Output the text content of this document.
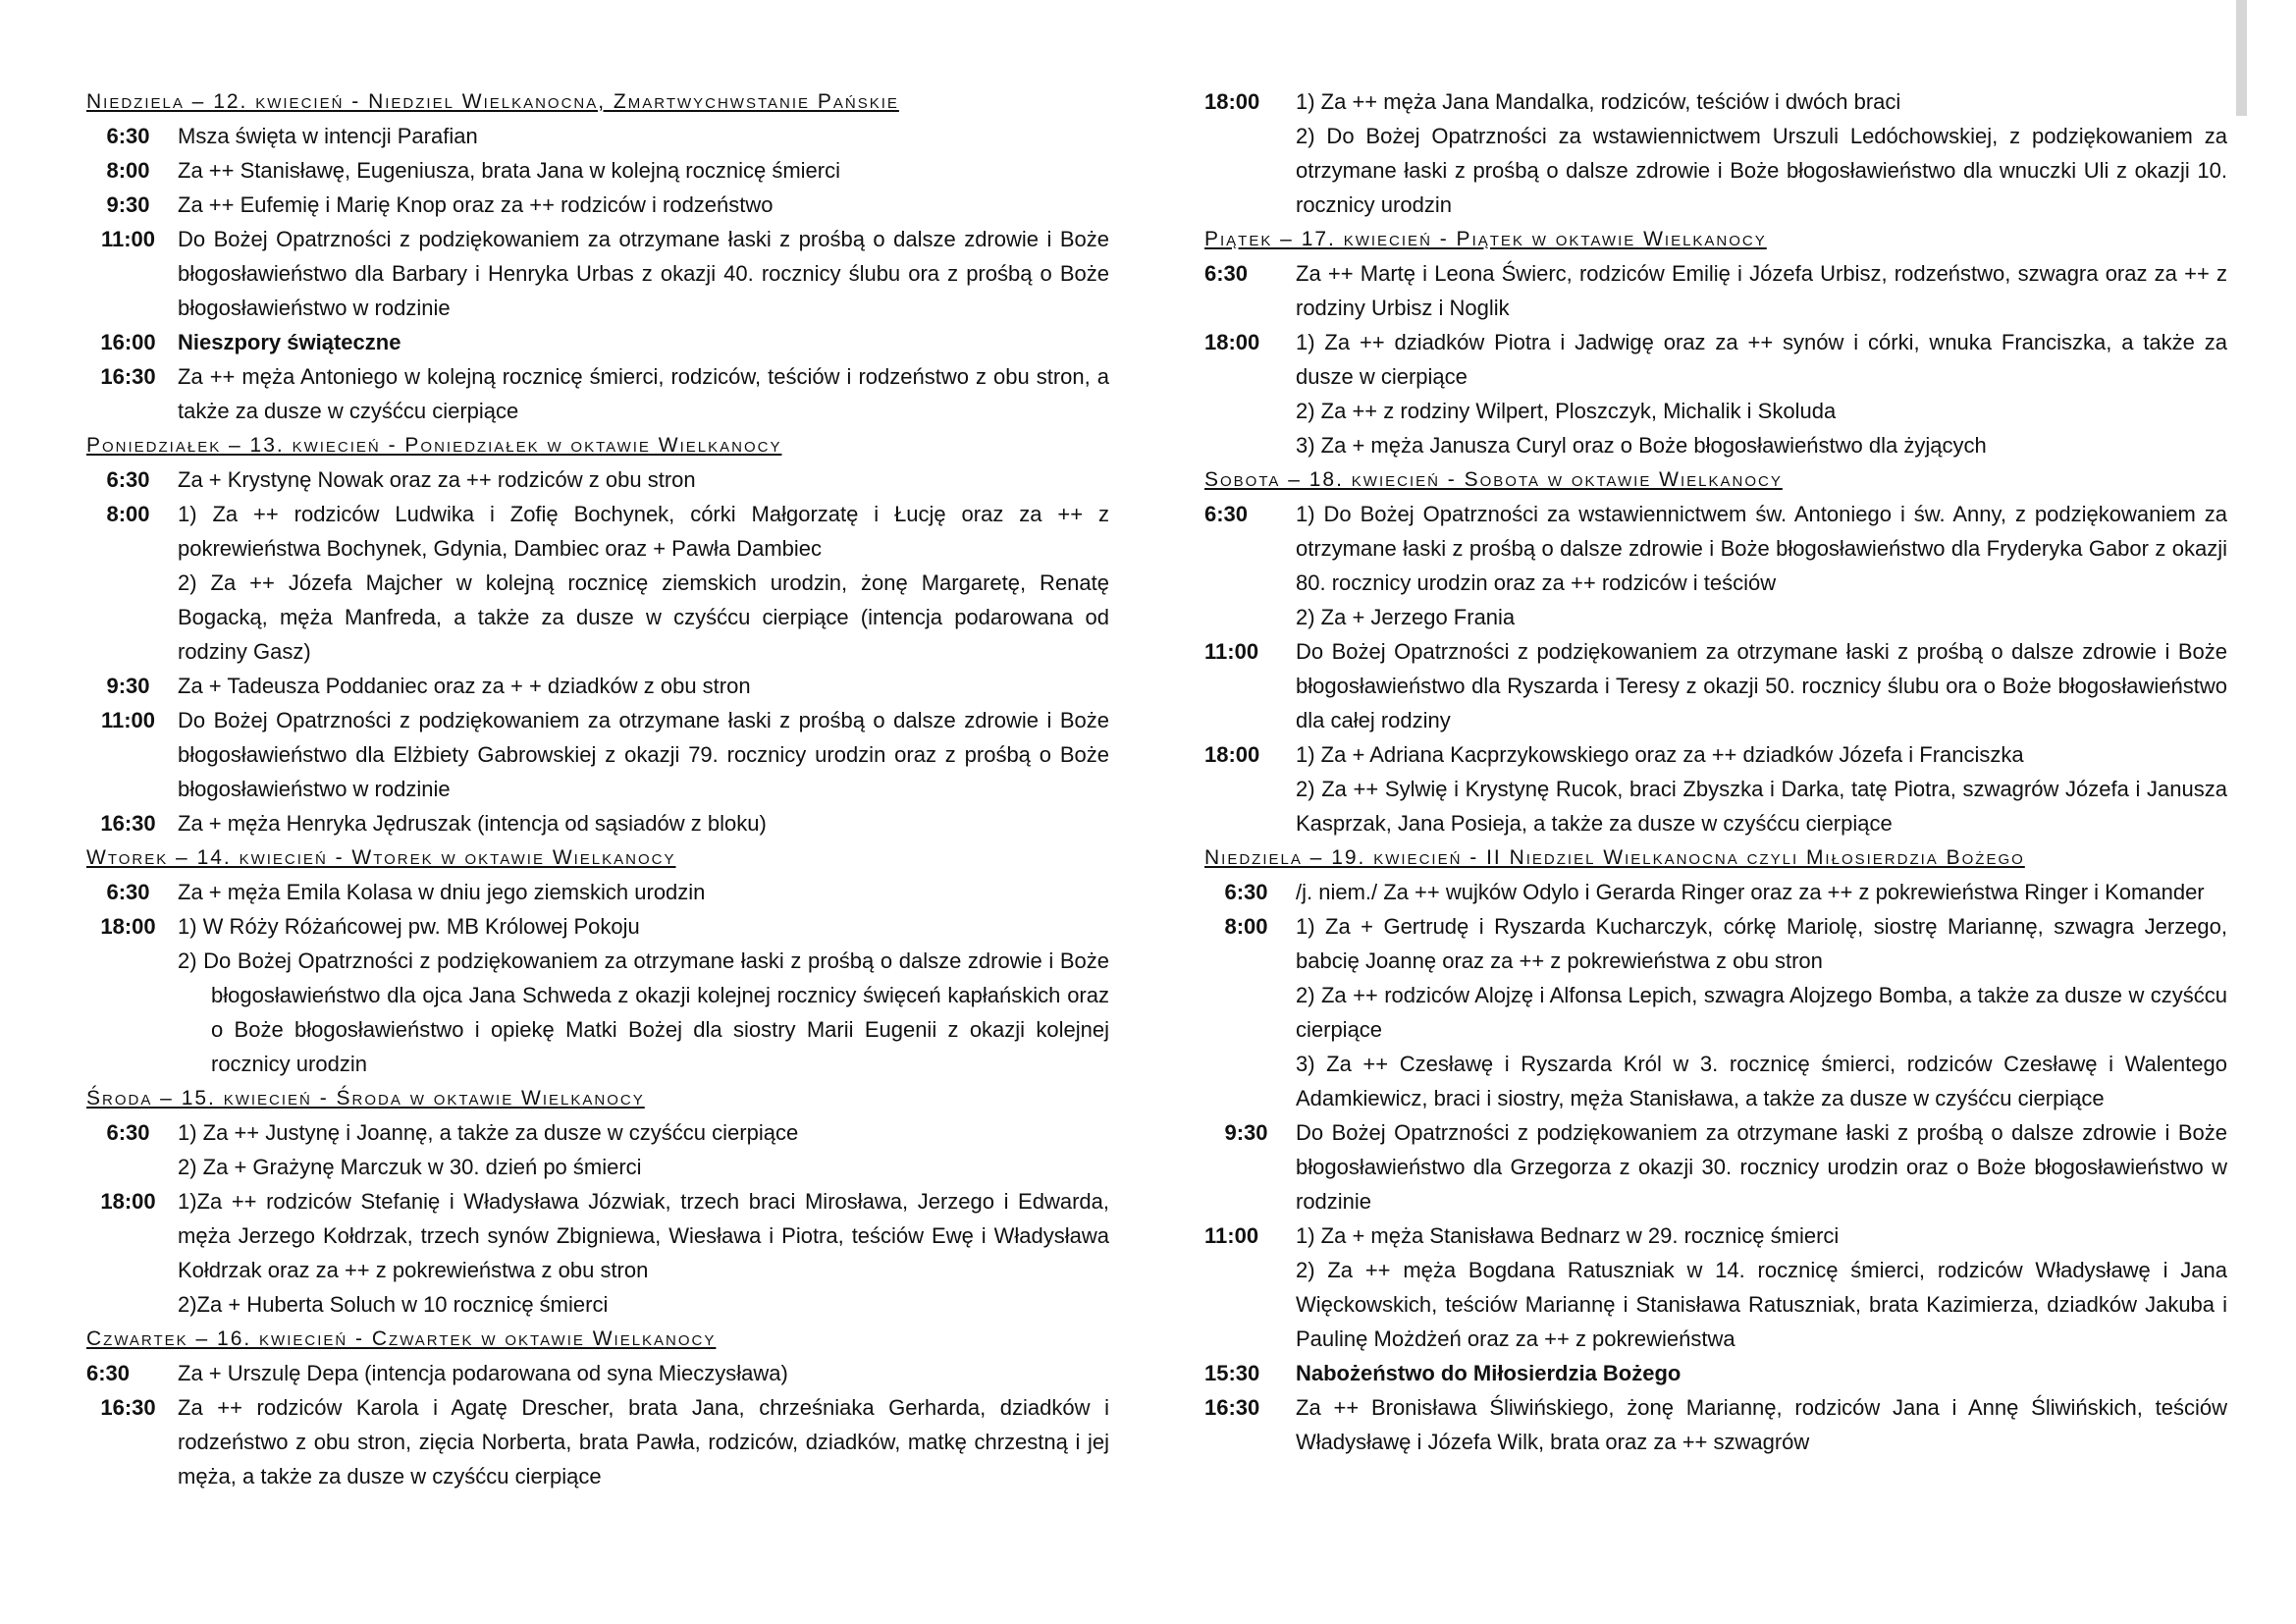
Niedziela – 12. kwiecień - Niedziel Wielkanocna, Zmartwychwstanie Pańskie
6:30	Msza święta w intencji Parafian
8:00	Za ++ Stanisławę, Eugeniusza, brata Jana w kolejną rocznicę śmierci
9:30	Za ++ Eufemię i Marię Knop oraz za ++ rodziców i rodzeństwo
11:00	Do Bożej Opatrzności z podziękowaniem za otrzymane łaski z prośbą o dalsze zdrowie i Boże błogosławieństwo dla Barbary i Henryka Urbas z okazji 40. rocznicy ślubu ora z prośbą o Boże błogosławieństwo w rodzinie
16:00	Nieszpory świąteczne
16:30	Za ++ męża Antoniego w kolejną rocznicę śmierci, rodziców, teściów i rodzeństwo z obu stron, a także za dusze w czyśćcu cierpiące
Poniedziałek – 13. kwiecień - Poniedziałek w oktawie Wielkanocy
6:30	Za + Krystynę Nowak oraz za ++ rodziców z obu stron
8:00	1) Za ++ rodziców Ludwika i Zofię Bochynek, córki Małgorzatę i Łucję oraz za ++ z pokrewieństwa Bochynek, Gdynia, Dambiec oraz + Pawła Dambiec
2) Za ++ Józefa Majcher w kolejną rocznicę ziemskich urodzin, żonę Margaretę, Renatę Bogacką, męża Manfreda, a także za dusze w czyśćcu cierpiące (intencja podarowana od rodziny Gasz)
9:30	Za + Tadeusza Poddaniec oraz za + + dziadków z obu stron
11:00	Do Bożej Opatrzności z podziękowaniem za otrzymane łaski z prośbą o dalsze zdrowie i Boże błogosławieństwo dla Elżbiety Gabrowskiej z okazji 79. rocznicy urodzin oraz z prośbą o Boże błogosławieństwo w rodzinie
16:30	Za + męża Henryka Jędruszak (intencja od sąsiadów z bloku)
Wtorek – 14. kwiecień - Wtorek w oktawie Wielkanocy
6:30	Za + męża Emila Kolasa w dniu jego ziemskich urodzin
18:00	1) W Róży Różańcowej pw. MB Królowej Pokoju
2) Do Bożej Opatrzności z podziękowaniem za otrzymane łaski z prośbą o dalsze zdrowie i Boże błogosławieństwo dla ojca Jana Schweda z okazji kolejnej rocznicy święceń kapłańskich oraz o Boże błogosławieństwo i opiekę Matki Bożej dla siostry Marii Eugenii z okazji kolejnej rocznicy urodzin
Środa – 15. kwiecień - Środa w oktawie Wielkanocy
6:30	1) Za ++ Justynę i Joannę, a także za dusze w czyśćcu cierpiące
2) Za + Grażynę Marczuk w 30. dzień po śmierci
18:00	1)Za ++ rodziców Stefanię i Władysława Józwiak, trzech braci Mirosława, Jerzego i Edwarda, męża Jerzego Kołdrzak, trzech synów Zbigniewa, Wiesława i Piotra, teściów Ewę i Władysława Kołdrzak oraz za ++ z pokrewieństwa z obu stron
2)Za + Huberta Soluch w 10 rocznicę śmierci
Czwartek – 16. kwiecień - Czwartek w oktawie Wielkanocy
6:30	Za + Urszulę Depa (intencja podarowana od syna Mieczysława)
16:30	Za ++ rodziców Karola i Agatę Drescher, brata Jana, chrześniaka Gerharda, dziadków i rodzeństwo z obu stron, zięcia Norberta, brata Pawła, rodziców, dziadków, matkę chrzestną i jej męża, a także za dusze w czyśćcu cierpiące
18:00	1) Za ++ męża Jana Mandalka, rodziców, teściów i dwóch braci
2) Do Bożej Opatrzności za wstawiennictwem Urszuli Ledóchowskiej, z podziękowaniem za otrzymane łaski z prośbą o dalsze zdrowie i Boże błogosławieństwo dla wnuczki Uli z okazji 10. rocznicy urodzin
Piątek – 17. kwiecień - Piątek w oktawie Wielkanocy
6:30	Za ++ Martę i Leona Świerc, rodziców Emilię i Józefa Urbisz, rodzeństwo, szwagra oraz za ++ z rodziny Urbisz i Noglik
18:00	1) Za ++ dziadków Piotra i Jadwigę oraz za ++ synów i córki, wnuka Franciszka, a także za dusze w cierpiące
2) Za ++ z rodziny Wilpert, Ploszczyk, Michalik i Skoluda
3) Za + męża Janusza Curyl oraz o Boże błogosławieństwo dla żyjących
Sobota – 18. kwiecień - Sobota w oktawie Wielkanocy
6:30	1) Do Bożej Opatrzności za wstawiennictwem św. Antoniego i św. Anny, z podziękowaniem za otrzymane łaski z prośbą o dalsze zdrowie i Boże błogosławieństwo dla Fryderyka Gabor z okazji 80. rocznicy urodzin oraz za ++ rodziców i teściów
2) Za + Jerzego Frania
11:00	Do Bożej Opatrzności z podziękowaniem za otrzymane łaski z prośbą o dalsze zdrowie i Boże błogosławieństwo dla Ryszarda i Teresy z okazji 50. rocznicy ślubu ora o Boże błogosławieństwo dla całej rodziny
18:00	1) Za + Adriana Kacprzykowskiego oraz za ++ dziadków Józefa i Franciszka
2) Za ++ Sylwię i Krystynę Rucok, braci Zbyszka i Darka, tatę Piotra, szwagrów Józefa i Janusza Kasprzak, Jana Posieja, a także za dusze w czyśćcu cierpiące
Niedziela – 19. kwiecień - II Niedziel Wielkanocna czyli Miłosierdzia Bożego
6:30	/j. niem./ Za ++ wujków Odylo i Gerarda Ringer oraz za ++ z pokrewieństwa Ringer i Komander
8:00	1) Za + Gertrudę i Ryszarda Kucharczyk, córkę Mariolę, siostrę Mariannę, szwagra Jerzego, babcię Joannę oraz za ++ z pokrewieństwa z obu stron
2) Za ++ rodziców Alojzę i Alfonsa Lepich, szwagra Alojzego Bomba, a także za dusze w czyśćcu cierpiące
3) Za ++ Czesławę i Ryszarda Król w 3. rocznicę śmierci, rodziców Czesławę i Walentego Adamkiewicz, braci i siostry, męża Stanisława, a także za dusze w czyśćcu cierpiące
9:30	Do Bożej Opatrzności z podziękowaniem za otrzymane łaski z prośbą o dalsze zdrowie i Boże błogosławieństwo dla Grzegorza z okazji 30. rocznicy urodzin oraz o Boże błogosławieństwo w rodzinie
11:00	1) Za + męża Stanisława Bednarz w 29. rocznicę śmierci
2) Za ++ męża Bogdana Ratuszniak w 14. rocznicę śmierci, rodziców Władysławę i Jana Więckowskich, teściów Mariannę i Stanisława Ratuszniak, brata Kazimierza, dziadków Jakuba i Paulinę Możdżeń oraz za ++ z pokrewieństwa
15:30	Nabożeństwo do Miłosierdzia Bożego
16:30	Za ++ Bronisława Śliwińskiego, żonę Mariannę, rodziców Jana i Annę Śliwińskich, teściów Władysławę i Józefa Wilk, brata oraz za ++ szwagrów
